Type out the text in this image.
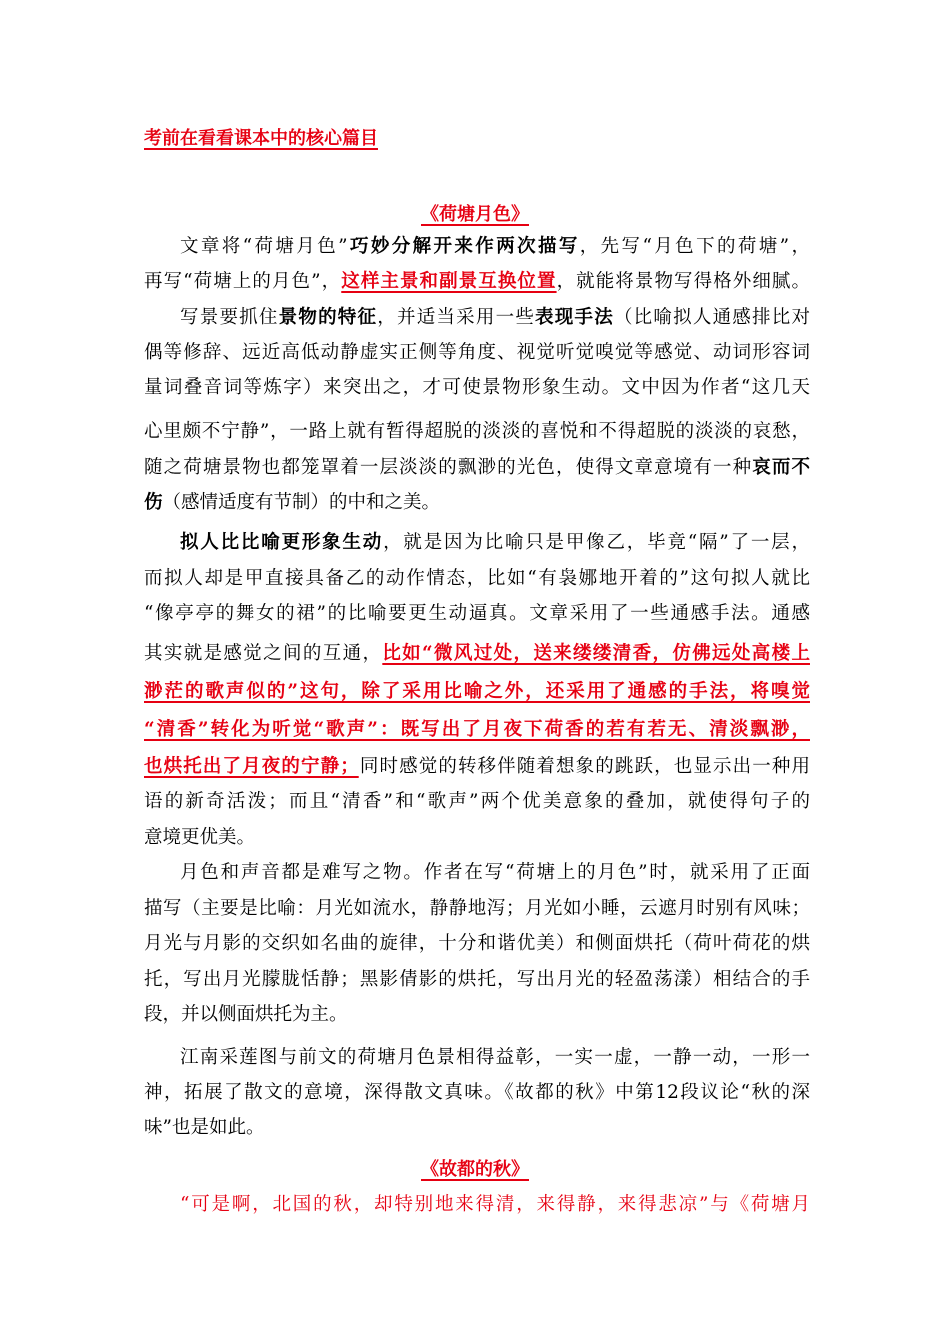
考前在看看课本中的核心篇目
《荷塘月色》
文章将“荷塘月色”巧妙分解开来作两次描写，先写“月色下的荷塘”，
再写“荷塘上的月色”，这样主景和副景互换位置，就能将景物写得格外细腻。
写景要抓住景物的特征，并适当采用一些表现手法（比喻拟人通感排比对
偶等修辞、远近高低动静虚实正侧等角度、视觉听觉嗅觉等感觉、动词形容词
量词叠音词等炼字）来突出之，才可使景物形象生动。文中因为作者“这几天
心里颇不宁静”，一路上就有暂得超脱的淡淡的喜悦和不得超脱的淡淡的哀愁，
随之荷塘景物也都笼罩着一层淡淡的飘渺的光色，使得文章意境有一种哀而不
伤（感情适度有节制）的中和之美。
拟人比比喻更形象生动，就是因为比喻只是甲像乙，毕竟“隔”了一层，
而拟人却是甲直接具备乙的动作情态，比如“有袅娜地开着的”这句拟人就比
“像亭亭的舞女的裙”的比喻要更生动逼真。文章采用了一些通感手法。通感
其实就是感觉之间的互通，比如“微风过处，送来缕缕清香，仿佛远处高楼上
渺茫的歌声似的”这句，除了采用比喻之外，还采用了通感的手法，将嗅觉
“清香”转化为听觉“歌声”：既写出了月夜下荷香的若有若无、清淡飘渺，
也烘托出了月夜的宁静；同时感觉的转移伴随着想象的跳跃，也显示出一种用
语的新奇活泼；而且“清香”和“歌声”两个优美意象的叠加，就使得句子的
意境更优美。
月色和声音都是难写之物。作者在写“荷塘上的月色”时，就采用了正面
描写（主要是比喻：月光如流水，静静地泻；月光如小睡，云遮月时别有风味；
月光与月影的交织如名曲的旋律，十分和谐优美）和侧面烘托（荷叶荷花的烘
托，写出月光朦胧恬静；黑影倩影的烘托，写出月光的轻盈荡漾）相结合的手
段，并以侧面烘托为主。
江南采莲图与前文的荷塘月色景相得益彰，一实一虚，一静一动，一形一
神，拓展了散文的意境，深得散文真味。《故都的秋》中第12段议论“秋的深
味”也是如此。
《故都的秋》
“可是啊，北国的秋，却特别地来得清，来得静，来得悲凉”与《荷塘月
